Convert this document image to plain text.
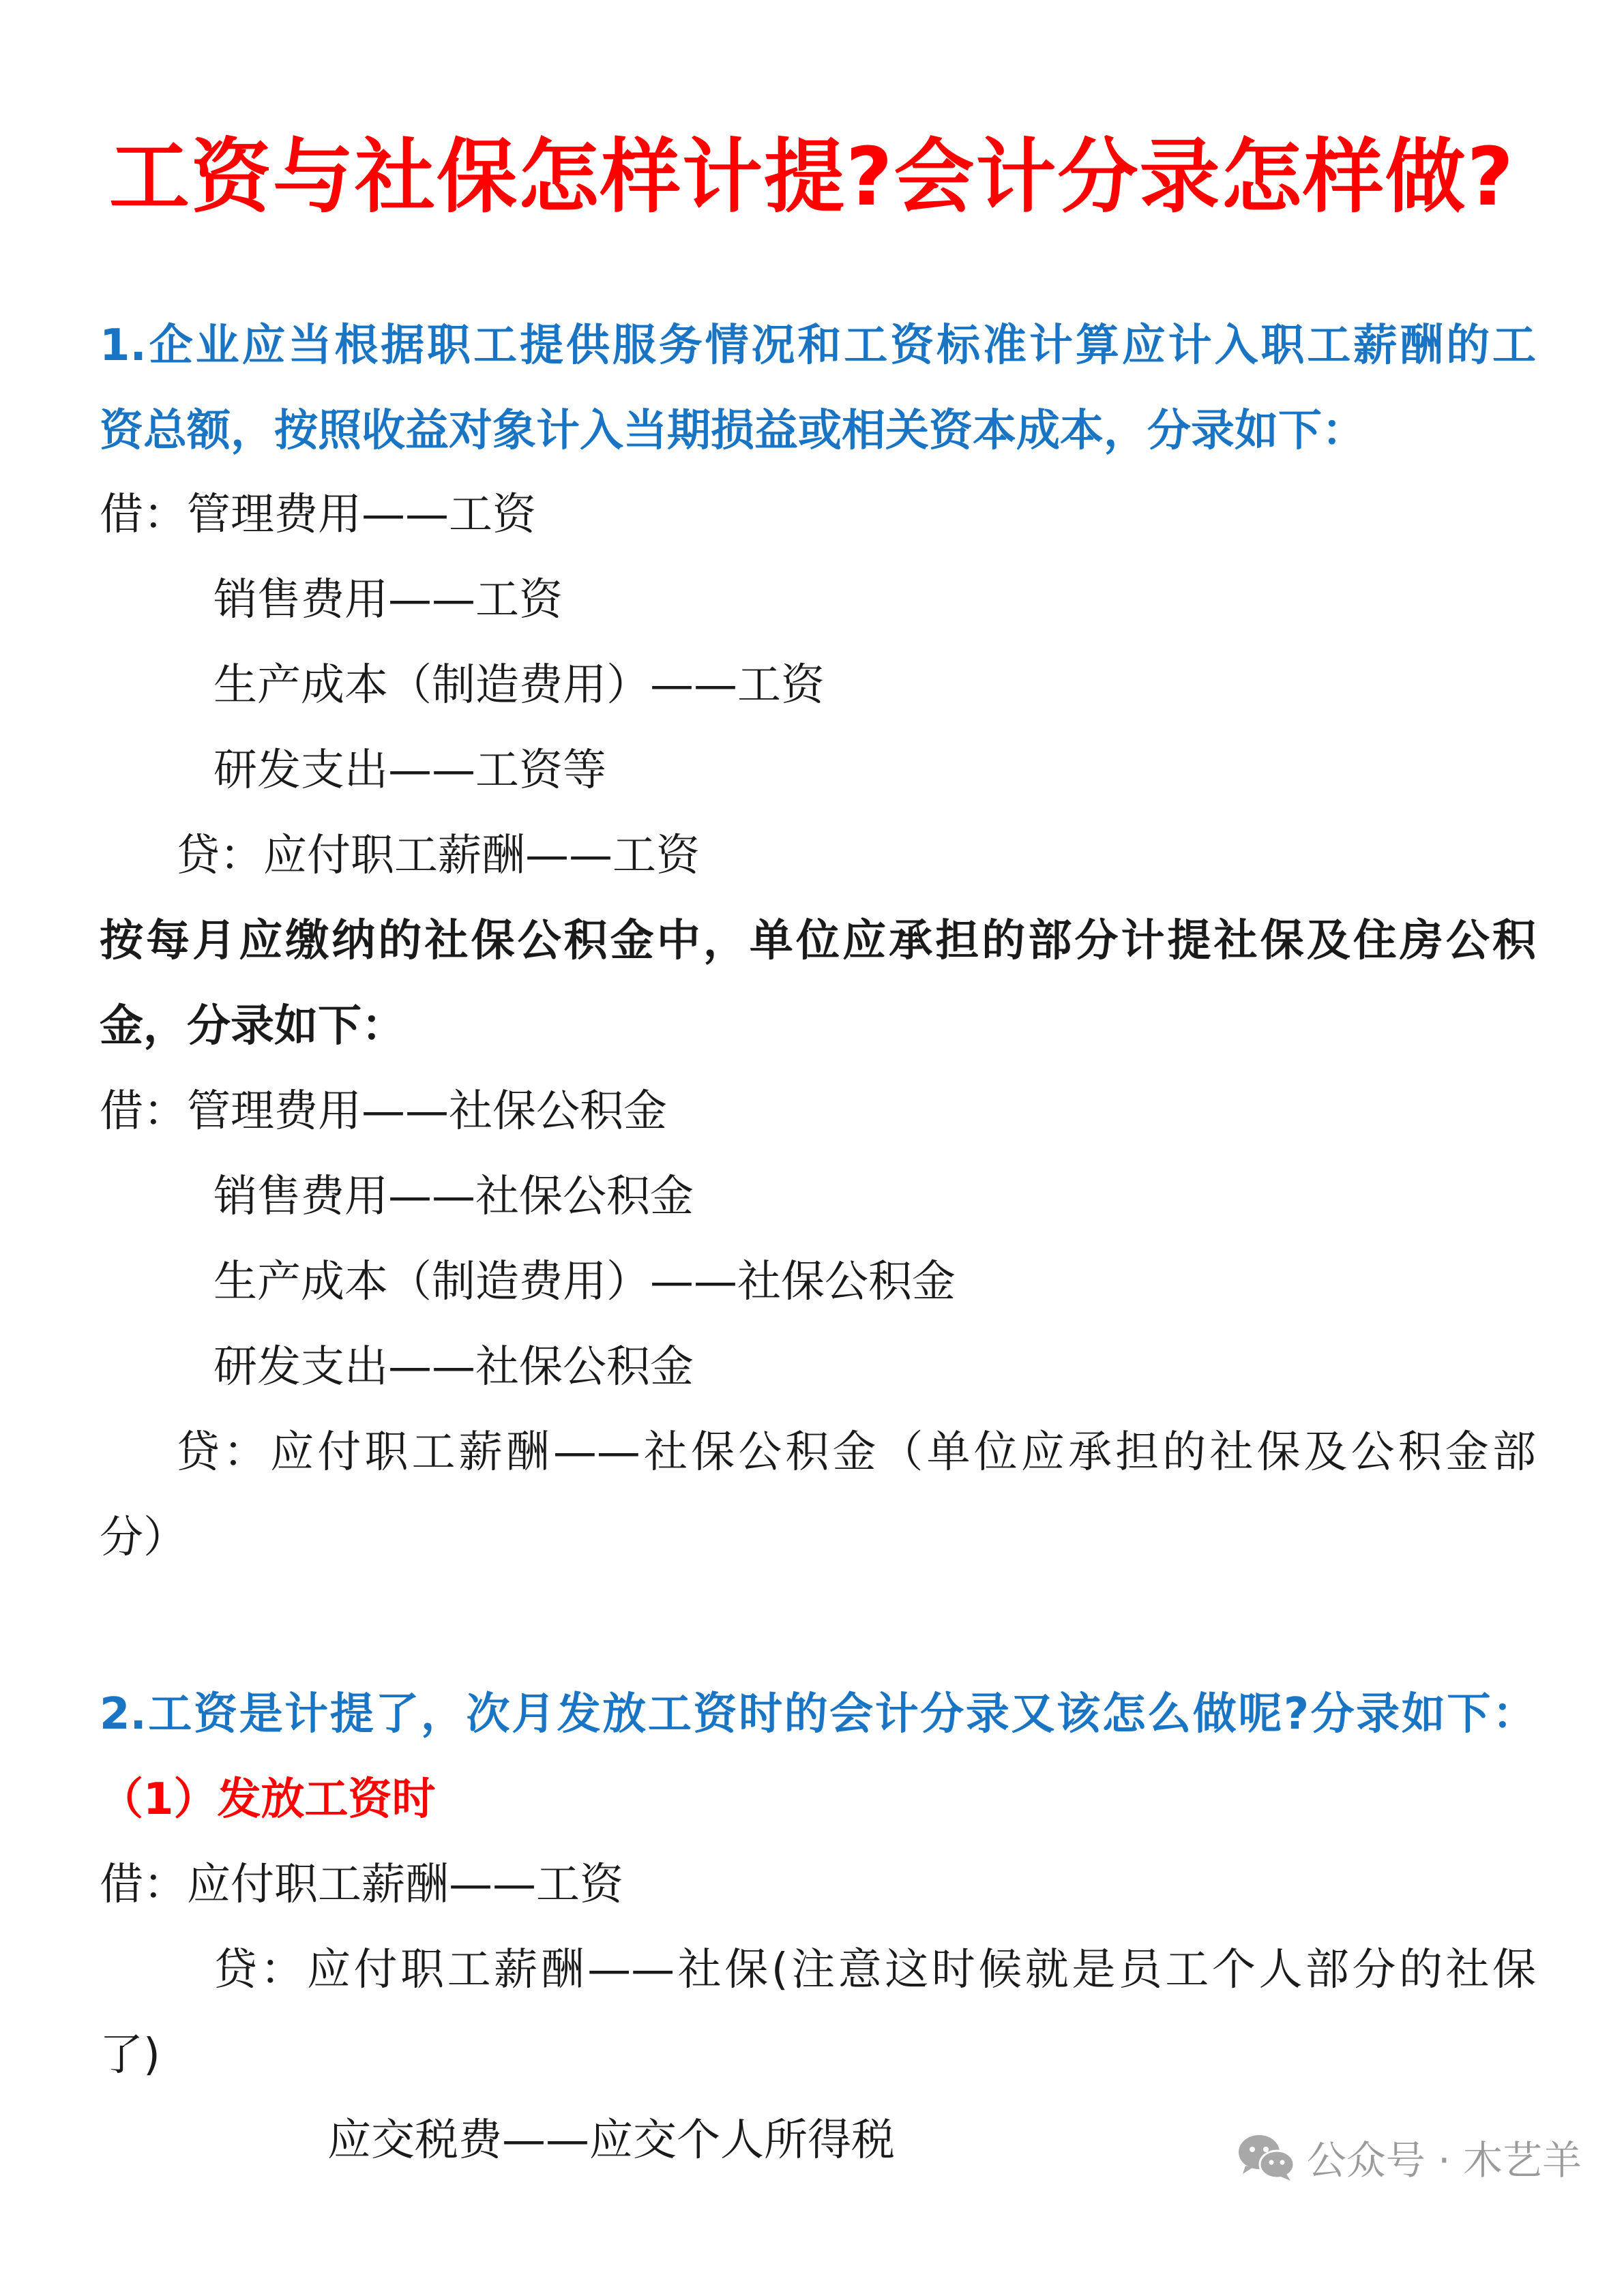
工资与社保怎样计提?会计分录怎样做?
1.企业应当根据职工提供服务情况和工资标准计算应计入职工薪酬的工
资总额，按照收益对象计入当期损益或相关资本成本，分录如下：
借：管理费用——工资
销售费用——工资
生产成本（制造费用）——工资
研发支出——工资等
贷：应付职工薪酬——工资
按每月应缴纳的社保公积金中，单位应承担的部分计提社保及住房公积
金，分录如下：
借：管理费用——社保公积金
销售费用——社保公积金
生产成本（制造费用）——社保公积金
研发支出——社保公积金
贷：应付职工薪酬——社保公积金（单位应承担的社保及公积金部
分）
2.工资是计提了，次月发放工资时的会计分录又该怎么做呢?分录如下：
（1）发放工资时
借：应付职工薪酬——工资
贷：应付职工薪酬——社保(注意这时候就是员工个人部分的社保
了)
应交税费——应交个人所得税	公众号 · 木艺羊
